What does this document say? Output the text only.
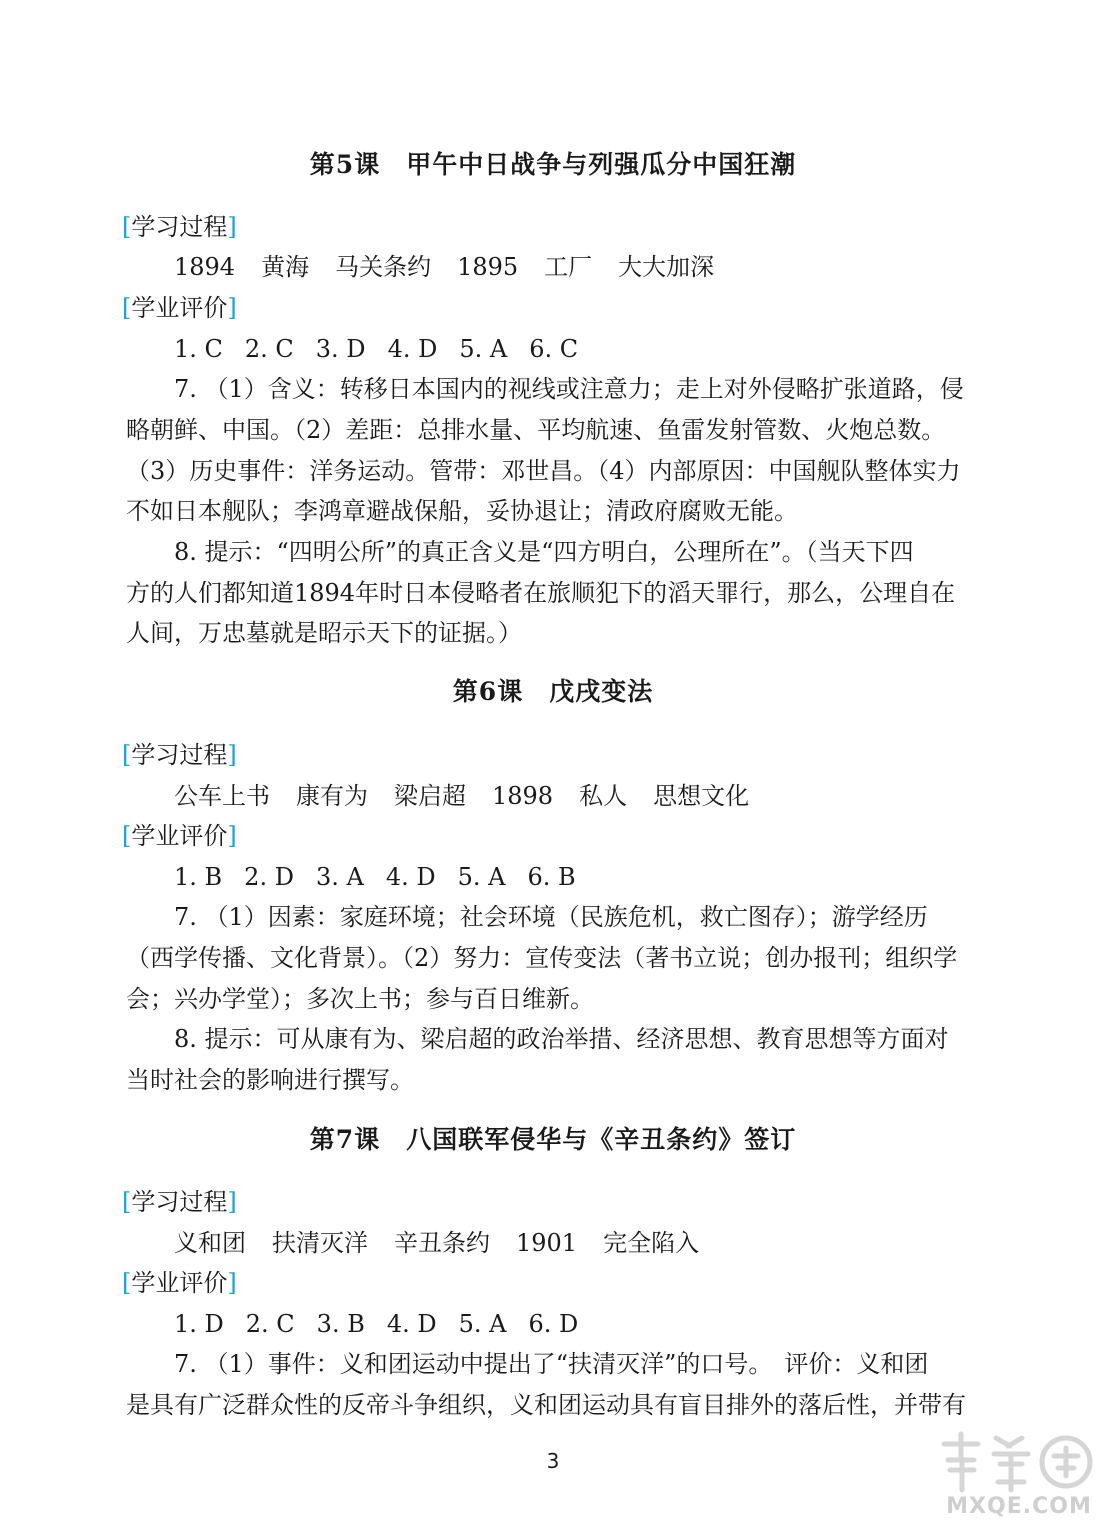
第5课　甲午中日战争与列强瓜分中国狂潮
[学习过程]
1894 黄海 马关条约 1895 工厂 大大加深
[学业评价]
1. C 2. C 3. D 4. D 5. A 6. C
7. （1）含义：转移日本国内的视线或注意力；走上对外侵略扩张道路，侵
略朝鲜、中国。（2）差距：总排水量、平均航速、鱼雷发射管数、火炮总数。
（3）历史事件：洋务运动。管带：邓世昌。（4）内部原因：中国舰队整体实力
不如日本舰队；李鸿章避战保船，妥协退让；清政府腐败无能。
8. 提示：“四明公所”的真正含义是“四方明白，公理所在”。（当天下四
方的人们都知道1894年时日本侵略者在旅顺犯下的滔天罪行，那么，公理自在
人间，万忠墓就是昭示天下的证据。）
第6课　戊戌变法
[学习过程]
公车上书 康有为 梁启超 1898 私人 思想文化
[学业评价]
1. B 2. D 3. A 4. D 5. A 6. B
7. （1）因素：家庭环境；社会环境（民族危机，救亡图存）；游学经历
（西学传播、文化背景）。（2）努力：宣传变法（著书立说；创办报刊；组织学
会；兴办学堂）；多次上书；参与百日维新。
8. 提示：可从康有为、梁启超的政治举措、经济思想、教育思想等方面对
当时社会的影响进行撰写。
第7课　八国联军侵华与《辛丑条约》签订
[学习过程]
义和团 扶清灭洋 辛丑条约 1901 完全陷入
[学业评价]
1. D 2. C 3. B 4. D 5. A 6. D
7. （1）事件：义和团运动中提出了“扶清灭洋”的口号。　评价：义和团
是具有广泛群众性的反帝斗争组织，义和团运动具有盲目排外的落后性，并带有
3
MXQE.COM
